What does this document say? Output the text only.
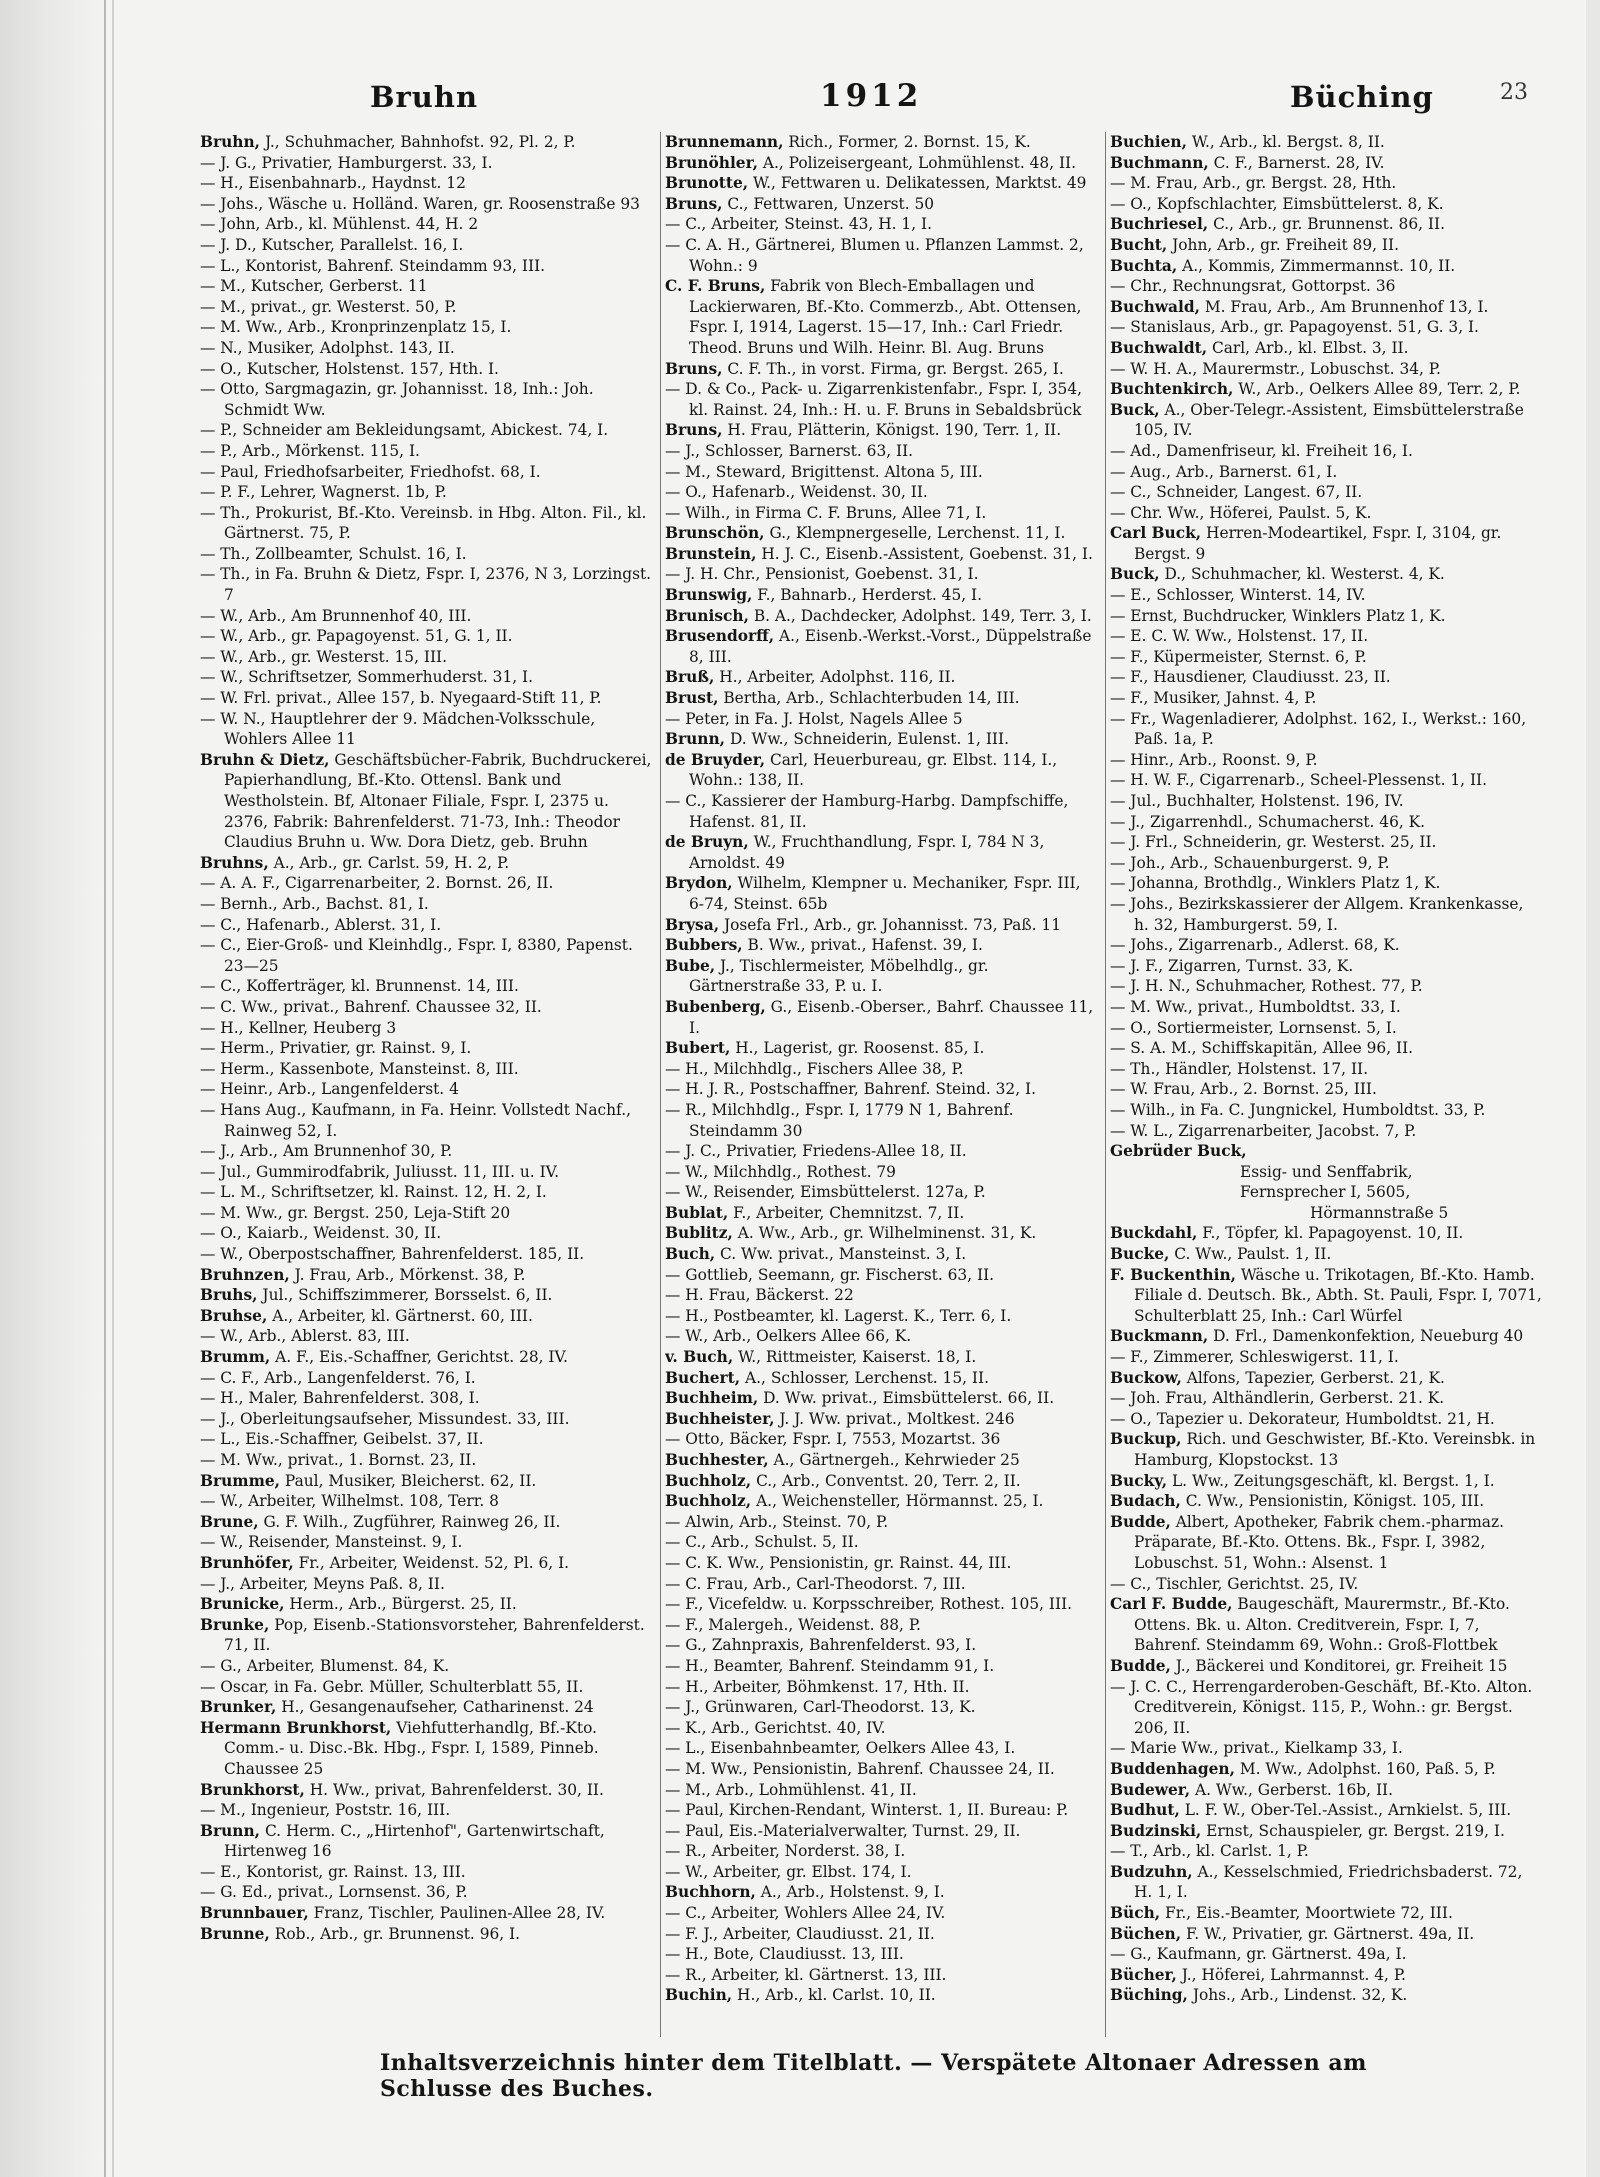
Bruhn	1912	Büching	23
Bruhn, J., Schuhmacher, Bahnhofst. 92, Pl. 2, P.
— J. G., Privatier, Hamburgerst. 33, I.
— H., Eisenbahnarb., Haydnst. 12
— Johs., Wäsche u. Holländ. Waren, gr. Roosenstraße 93
— John, Arb., kl. Mühlenst. 44, H. 2
— J. D., Kutscher, Parallelst. 16, I.
— L., Kontorist, Bahrenf. Steindamm 93, III.
— M., Kutscher, Gerberst. 11
— M., privat., gr. Westerst. 50, P.
— M. Ww., Arb., Kronprinzenplatz 15, I.
— N., Musiker, Adolphst. 143, II.
— O., Kutscher, Holstenst. 157, Hth. I.
— Otto, Sargmagazin, gr. Johannisst. 18, Inh.: Joh. Schmidt Ww.
— P., Schneider am Bekleidungsamt, Abickest. 74, I.
— P., Arb., Mörkenst. 115, I.
— Paul, Friedhofsarbeiter, Friedhofst. 68, I.
— P. F., Lehrer, Wagnerst. 1b, P.
— Th., Prokurist, Bf.-Kto. Vereinsb. in Hbg. Alton. Fil., kl. Gärtnerst. 75, P.
— Th., Zollbeamter, Schulst. 16, I.
— Th., in Fa. Bruhn & Dietz, Fspr. I, 2376, N 3, Lorzingst. 7
— W., Arb., Am Brunnenhof 40, III.
— W., Arb., gr. Papagoyenst. 51, G. 1, II.
— W., Arb., gr. Westerst. 15, III.
— W., Schriftsetzer, Sommerhuderst. 31, I.
— W. Frl. privat., Allee 157, b. Nyegaard-Stift 11, P.
— W. N., Hauptlehrer der 9. Mädchen-Volksschule, Wohlers Allee 11
Bruhn & Dietz, Geschäftsbücher-Fabrik, Buchdruckerei, Papierhandlung, Bf.-Kto. Ottensl. Bank und Westholstein. Bf, Altonaer Filiale, Fspr. I, 2375 u. 2376, Fabrik: Bahrenfelderst. 71-73, Inh.: Theodor Claudius Bruhn u. Ww. Dora Dietz, geb. Bruhn
Bruhns, A., Arb., gr. Carlst. 59, H. 2, P.
— A. A. F., Cigarrenarbeiter, 2. Bornst. 26, II.
— Bernh., Arb., Bachst. 81, I.
— C., Hafenarb., Ablerst. 31, I.
— C., Eier-Groß- und Kleinhdlg., Fspr. I, 8380, Papenst. 23—25
— C., Kofferträger, kl. Brunnenst. 14, III.
— C. Ww., privat., Bahrenf. Chaussee 32, II.
— H., Kellner, Heuberg 3
— Herm., Privatier, gr. Rainst. 9, I.
— Herm., Kassenbote, Mansteinst. 8, III.
— Heinr., Arb., Langenfelderst. 4
— Hans Aug., Kaufmann, in Fa. Heinr. Vollstedt Nachf., Rainweg 52, I.
— J., Arb., Am Brunnenhof 30, P.
— Jul., Gummirodfabrik, Juliusst. 11, III. u. IV.
— L. M., Schriftsetzer, kl. Rainst. 12, H. 2, I.
— M. Ww., gr. Bergst. 250, Leja-Stift 20
— O., Kaiarb., Weidenst. 30, II.
— W., Oberpostschaffner, Bahrenfelderst. 185, II.
Bruhnzen, J. Frau, Arb., Mörkenst. 38, P.
Bruhs, Jul., Schiffszimmerer, Borsselst. 6, II.
Bruhse, A., Arbeiter, kl. Gärtnerst. 60, III.
— W., Arb., Ablerst. 83, III.
Brumm, A. F., Eis.-Schaffner, Gerichtst. 28, IV.
— C. F., Arb., Langenfelderst. 76, I.
— H., Maler, Bahrenfelderst. 308, I.
— J., Oberleitungsaufseher, Missundest. 33, III.
— L., Eis.-Schaffner, Geibelst. 37, II.
— M. Ww., privat., 1. Bornst. 23, II.
Brumme, Paul, Musiker, Bleicherst. 62, II.
— W., Arbeiter, Wilhelmst. 108, Terr. 8
Brune, G. F. Wilh., Zugführer, Rainweg 26, II.
— W., Reisender, Mansteinst. 9, I.
Brunhöfer, Fr., Arbeiter, Weidenst. 52, Pl. 6, I.
— J., Arbeiter, Meyns Paß. 8, II.
Brunicke, Herm., Arb., Bürgerst. 25, II.
Brunke, Pop, Eisenb.-Stationsvorsteher, Bahrenfelderst. 71, II.
— G., Arbeiter, Blumenst. 84, K.
— Oscar, in Fa. Gebr. Müller, Schulterblatt 55, II.
Brunker, H., Gesangenaufseher, Catharinenst. 24
Hermann Brunkhorst, Viehfutterhandlg, Bf.-Kto. Comm.- u. Disc.-Bk. Hbg., Fspr. I, 1589, Pinneb. Chaussee 25
Brunkhorst, H. Ww., privat, Bahrenfelderst. 30, II.
— M., Ingenieur, Poststr. 16, III.
Brunn, C. Herm. C., „Hirtenhof", Gartenwirtschaft, Hirtenweg 16
— E., Kontorist, gr. Rainst. 13, III.
— G. Ed., privat., Lornsenst. 36, P.
Brunnbauer, Franz, Tischler, Paulinen-Allee 28, IV.
Brunne, Rob., Arb., gr. Brunnenst. 96, I.
Brunnemann, Rich., Former, 2. Bornst. 15, K.
Brunöhler, A., Polizeisergeant, Lohmühlenst. 48, II.
Brunotte, W., Fettwaren u. Delikatessen, Marktst. 49
Bruns, C., Fettwaren, Unzerst. 50
— C., Arbeiter, Steinst. 43, H. 1, I.
— C. A. H., Gärtnerei, Blumen u. Pflanzen Lammst. 2, Wohn.: 9
C. F. Bruns, Fabrik von Blech-Emballagen und Lackierwaren, Bf.-Kto. Commerzb., Abt. Ottensen, Fspr. I, 1914, Lagerst. 15—17, Inh.: Carl Friedr. Theod. Bruns und Wilh. Heinr. Bl. Aug. Bruns
Bruns, C. F. Th., in vorst. Firma, gr. Bergst. 265, I.
— D. & Co., Pack- u. Zigarrenkistenfabr., Fspr. I, 354, kl. Rainst. 24, Inh.: H. u. F. Bruns in Sebaldsbrück
Bruns, H. Frau, Plätterin, Königst. 190, Terr. 1, II.
— J., Schlosser, Barnerst. 63, II.
— M., Steward, Brigittenst. Altona 5, III.
— O., Hafenarb., Weidenst. 30, II.
— Wilh., in Firma C. F. Bruns, Allee 71, I.
Brunschön, G., Klempnergeselle, Lerchenst. 11, I.
Brunstein, H. J. C., Eisenb.-Assistent, Goebenst. 31, I.
— J. H. Chr., Pensionist, Goebenst. 31, I.
Brunswig, F., Bahnarb., Herderst. 45, I.
Brunisch, B. A., Dachdecker, Adolphst. 149, Terr. 3, I.
Brusendorff, A., Eisenb.-Werkst.-Vorst., Düppelstraße 8, III.
Bruß, H., Arbeiter, Adolphst. 116, II.
Brust, Bertha, Arb., Schlachterbuden 14, III.
— Peter, in Fa. J. Holst, Nagels Allee 5
Brunn, D. Ww., Schneiderin, Eulenst. 1, III.
de Bruyder, Carl, Heuerbureau, gr. Elbst. 114, I., Wohn.: 138, II.
— C., Kassierer der Hamburg-Harbg. Dampfschiffe, Hafenst. 81, II.
de Bruyn, W., Fruchthandlung, Fspr. I, 784 N 3, Arnoldst. 49
Brydon, Wilhelm, Klempner u. Mechaniker, Fspr. III, 6-74, Steinst. 65b
Brysa, Josefa Frl., Arb., gr. Johannisst. 73, Paß. 11
Bubbers, B. Ww., privat., Hafenst. 39, I.
Bube, J., Tischlermeister, Möbelhdlg., gr. Gärtnerstraße 33, P. u. I.
Bubenberg, G., Eisenb.-Oberser., Bahrf. Chaussee 11, I.
Bubert, H., Lagerist, gr. Roosenst. 85, I.
— H., Milchhdlg., Fischers Allee 38, P.
— H. J. R., Postschaffner, Bahrenf. Steind. 32, I.
— R., Milchhdlg., Fspr. I, 1779 N 1, Bahrenf. Steindamm 30
— J. C., Privatier, Friedens-Allee 18, II.
— W., Milchhdlg., Rothest. 79
— W., Reisender, Eimsbüttelerst. 127a, P.
Bublat, F., Arbeiter, Chemnitzst. 7, II.
Bublitz, A. Ww., Arb., gr. Wilhelminenst. 31, K.
Buch, C. Ww. privat., Mansteinst. 3, I.
— Gottlieb, Seemann, gr. Fischerst. 63, II.
— H. Frau, Bäckerst. 22
— H., Postbeamter, kl. Lagerst. K., Terr. 6, I.
— W., Arb., Oelkers Allee 66, K.
v. Buch, W., Rittmeister, Kaiserst. 18, I.
Buchert, A., Schlosser, Lerchenst. 15, II.
Buchheim, D. Ww. privat., Eimsbüttelerst. 66, II.
Buchheister, J. J. Ww. privat., Moltkest. 246
— Otto, Bäcker, Fspr. I, 7553, Mozartst. 36
Buchhester, A., Gärtnergeh., Kehrwieder 25
Buchholz, C., Arb., Conventst. 20, Terr. 2, II.
Buchholz, A., Weichensteller, Hörmannst. 25, I.
— Alwin, Arb., Steinst. 70, P.
— C., Arb., Schulst. 5, II.
— C. K. Ww., Pensionistin, gr. Rainst. 44, III.
— C. Frau, Arb., Carl-Theodorst. 7, III.
— F., Vicefeldw. u. Korpsschreiber, Rothest. 105, III.
— F., Malergeh., Weidenst. 88, P.
— G., Zahnpraxis, Bahrenfelderst. 93, I.
— H., Beamter, Bahrenf. Steindamm 91, I.
— H., Arbeiter, Böhmkenst. 17, Hth. II.
— J., Grünwaren, Carl-Theodorst. 13, K.
— K., Arb., Gerichtst. 40, IV.
— L., Eisenbahnbeamter, Oelkers Allee 43, I.
— M. Ww., Pensionistin, Bahrenf. Chaussee 24, II.
— M., Arb., Lohmühlenst. 41, II.
— Paul, Kirchen-Rendant, Winterst. 1, II. Bureau: P.
— Paul, Eis.-Materialverwalter, Turnst. 29, II.
— R., Arbeiter, Norderst. 38, I.
— W., Arbeiter, gr. Elbst. 174, I.
Buchhorn, A., Arb., Holstenst. 9, I.
— C., Arbeiter, Wohlers Allee 24, IV.
— F. J., Arbeiter, Claudiusst. 21, II.
— H., Bote, Claudiusst. 13, III.
— R., Arbeiter, kl. Gärtnerst. 13, III.
Buchin, H., Arb., kl. Carlst. 10, II.
Buchien, W., Arb., kl. Bergst. 8, II.
Buchmann, C. F., Barnerst. 28, IV.
— M. Frau, Arb., gr. Bergst. 28, Hth.
— O., Kopfschlachter, Eimsbüttelerst. 8, K.
Buchriesel, C., Arb., gr. Brunnenst. 86, II.
Bucht, John, Arb., gr. Freiheit 89, II.
Buchta, A., Kommis, Zimmermannst. 10, II.
— Chr., Rechnungsrat, Gottorpst. 36
Buchwald, M. Frau, Arb., Am Brunnenhof 13, I.
— Stanislaus, Arb., gr. Papagoyenst. 51, G. 3, I.
Buchwaldt, Carl, Arb., kl. Elbst. 3, II.
— W. H. A., Maurermstr., Lobuschst. 34, P.
Buchtenkirch, W., Arb., Oelkers Allee 89, Terr. 2, P.
Buck, A., Ober-Telegr.-Assistent, Eimsbüttelerstraße 105, IV.
— Ad., Damenfriseur, kl. Freiheit 16, I.
— Aug., Arb., Barnerst. 61, I.
— C., Schneider, Langest. 67, II.
— Chr. Ww., Höferei, Paulst. 5, K.
Carl Buck, Herren-Modeartikel, Fspr. I, 3104, gr. Bergst. 9
Buck, D., Schuhmacher, kl. Westerst. 4, K.
— E., Schlosser, Winterst. 14, IV.
— Ernst, Buchdrucker, Winklers Platz 1, K.
— E. C. W. Ww., Holstenst. 17, II.
— F., Küpermeister, Sternst. 6, P.
— F., Hausdiener, Claudiusst. 23, II.
— F., Musiker, Jahnst. 4, P.
— Fr., Wagenladierer, Adolphst. 162, I., Werkst.: 160, Paß. 1a, P.
— Hinr., Arb., Roonst. 9, P.
— H. W. F., Cigarrenarb., Scheel-Plessenst. 1, II.
— Jul., Buchhalter, Holstenst. 196, IV.
— J., Zigarrenhdl., Schumacherst. 46, K.
— J. Frl., Schneiderin, gr. Westerst. 25, II.
— Joh., Arb., Schauenburgerst. 9, P.
— Johanna, Brothdlg., Winklers Platz 1, K.
— Johs., Bezirkskassierer der Allgem. Krankenkasse, h. 32, Hamburgerst. 59, I.
— Johs., Zigarrenarb., Adlerst. 68, K.
— J. F., Zigarren, Turnst. 33, K.
— J. H. N., Schuhmacher, Rothest. 77, P.
— M. Ww., privat., Humboldtst. 33, I.
— O., Sortiermeister, Lornsenst. 5, I.
— S. A. M., Schiffskapitän, Allee 96, II.
— Th., Händler, Holstenst. 17, II.
— W. Frau, Arb., 2. Bornst. 25, III.
— Wilh., in Fa. C. Jungnickel, Humboldtst. 33, P.
— W. L., Zigarrenarbeiter, Jacobst. 7, P.
Gebrüder Buck,
Essig- und Senffabrik,
Fernsprecher I, 5605,
Hörmannstraße 5
Buckdahl, F., Töpfer, kl. Papagoyenst. 10, II.
Bucke, C. Ww., Paulst. 1, II.
F. Buckenthin, Wäsche u. Trikotagen, Bf.-Kto. Hamb. Filiale d. Deutsch. Bk., Abth. St. Pauli, Fspr. I, 7071, Schulterblatt 25, Inh.: Carl Würfel
Buckmann, D. Frl., Damenkonfektion, Neueburg 40
— F., Zimmerer, Schleswigerst. 11, I.
Buckow, Alfons, Tapezier, Gerberst. 21, K.
— Joh. Frau, Althändlerin, Gerberst. 21. K.
— O., Tapezier u. Dekorateur, Humboldtst. 21, H.
Buckup, Rich. und Geschwister, Bf.-Kto. Vereinsbk. in Hamburg, Klopstockst. 13
Bucky, L. Ww., Zeitungsgeschäft, kl. Bergst. 1, I.
Budach, C. Ww., Pensionistin, Königst. 105, III.
Budde, Albert, Apotheker, Fabrik chem.-pharmaz. Präparate, Bf.-Kto. Ottens. Bk., Fspr. I, 3982, Lobuschst. 51, Wohn.: Alsenst. 1
— C., Tischler, Gerichtst. 25, IV.
Carl F. Budde, Baugeschäft, Maurermstr., Bf.-Kto. Ottens. Bk. u. Alton. Creditverein, Fspr. I, 7, Bahrenf. Steindamm 69, Wohn.: Groß-Flottbek
Budde, J., Bäckerei und Konditorei, gr. Freiheit 15
— J. C. C., Herrengarderoben-Geschäft, Bf.-Kto. Alton. Creditverein, Königst. 115, P., Wohn.: gr. Bergst. 206, II.
— Marie Ww., privat., Kielkamp 33, I.
Buddenhagen, M. Ww., Adolphst. 160, Paß. 5, P.
Budewer, A. Ww., Gerberst. 16b, II.
Budhut, L. F. W., Ober-Tel.-Assist., Arnkielst. 5, III.
Budzinski, Ernst, Schauspieler, gr. Bergst. 219, I.
— T., Arb., kl. Carlst. 1, P.
Budzuhn, A., Kesselschmied, Friedrichsbaderst. 72, H. 1, I.
Büch, Fr., Eis.-Beamter, Moortwiete 72, III.
Büchen, F. W., Privatier, gr. Gärtnerst. 49a, II.
— G., Kaufmann, gr. Gärtnerst. 49a, I.
Bücher, J., Höferei, Lahrmannst. 4, P.
Büching, Johs., Arb., Lindenst. 32, K.
Inhaltsverzeichnis hinter dem Titelblatt. — Verspätete Altonaer Adressen am Schlusse des Buches.
